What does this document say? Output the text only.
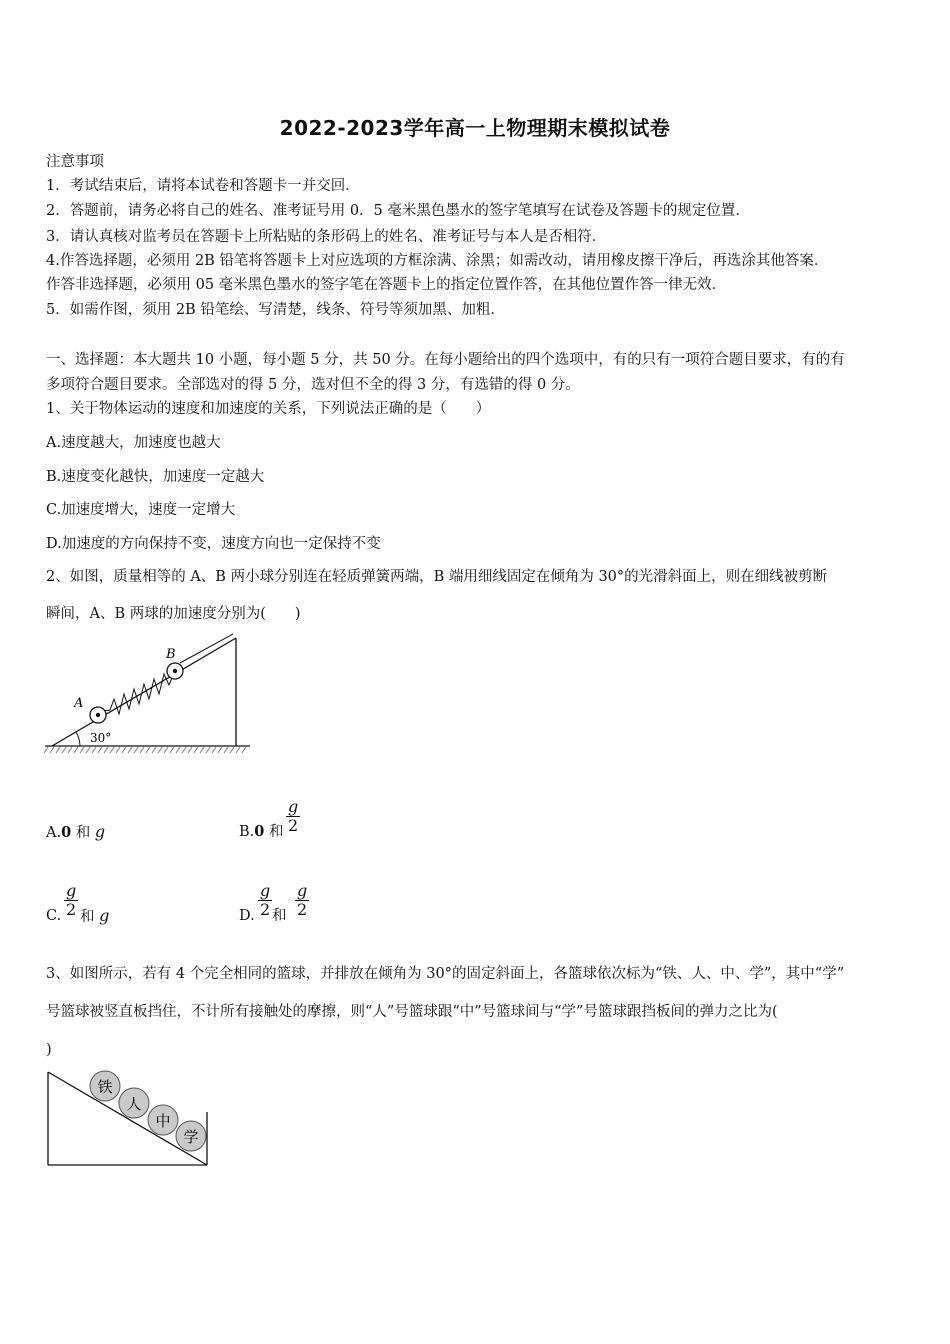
2022-2023学年高一上物理期末模拟试卷
注意事项
1．考试结束后，请将本试卷和答题卡一并交回．
2．答题前，请务必将自己的姓名、准考证号用 0．5 毫米黑色墨水的签字笔填写在试卷及答题卡的规定位置．
3．请认真核对监考员在答题卡上所粘贴的条形码上的姓名、准考证号与本人是否相符．
4.作答选择题，必须用 2B 铅笔将答题卡上对应选项的方框涂满、涂黑；如需改动，请用橡皮擦干净后，再选涂其他答案．
作答非选择题，必须用 05 毫米黑色墨水的签字笔在答题卡上的指定位置作答，在其他位置作答一律无效．
5．如需作图，须用 2B 铅笔绘、写清楚，线条、符号等须加黑、加粗．
一、选择题：本大题共 10 小题，每小题 5 分，共 50 分。在每小题给出的四个选项中，有的只有一项符合题目要求，有的有
多项符合题目要求。全部选对的得 5 分，选对但不全的得 3 分，有选错的得 0 分。
1、关于物体运动的速度和加速度的关系，下列说法正确的是（　　）
A.速度越大，加速度也越大
B.速度变化越快，加速度一定越大
C.加速度增大，速度一定增大
D.加速度的方向保持不变，速度方向也一定保持不变
2、如图，质量相等的 A、B 两小球分别连在轻质弹簧两端，B 端用细线固定在倾角为 30°的光滑斜面上，则在细线被剪断
瞬间，A、B 两球的加速度分别为(　　)
A
B
30°
A.0 和 g	B.0 和 $\frac{g}{2}$
C. $\frac{g}{2}$ 和 g	D. $\frac{g}{2}$ 和 $\frac{g}{2}$
3、如图所示，若有 4 个完全相同的篮球，并排放在倾角为 30°的固定斜面上，各篮球依次标为“铁、人、中、学”，其中“学”
号篮球被竖直板挡住，不计所有接触处的摩擦，则“人”号篮球跟“中”号篮球间与“学”号篮球跟挡板间的弹力之比为(
)
铁
人
中
学
